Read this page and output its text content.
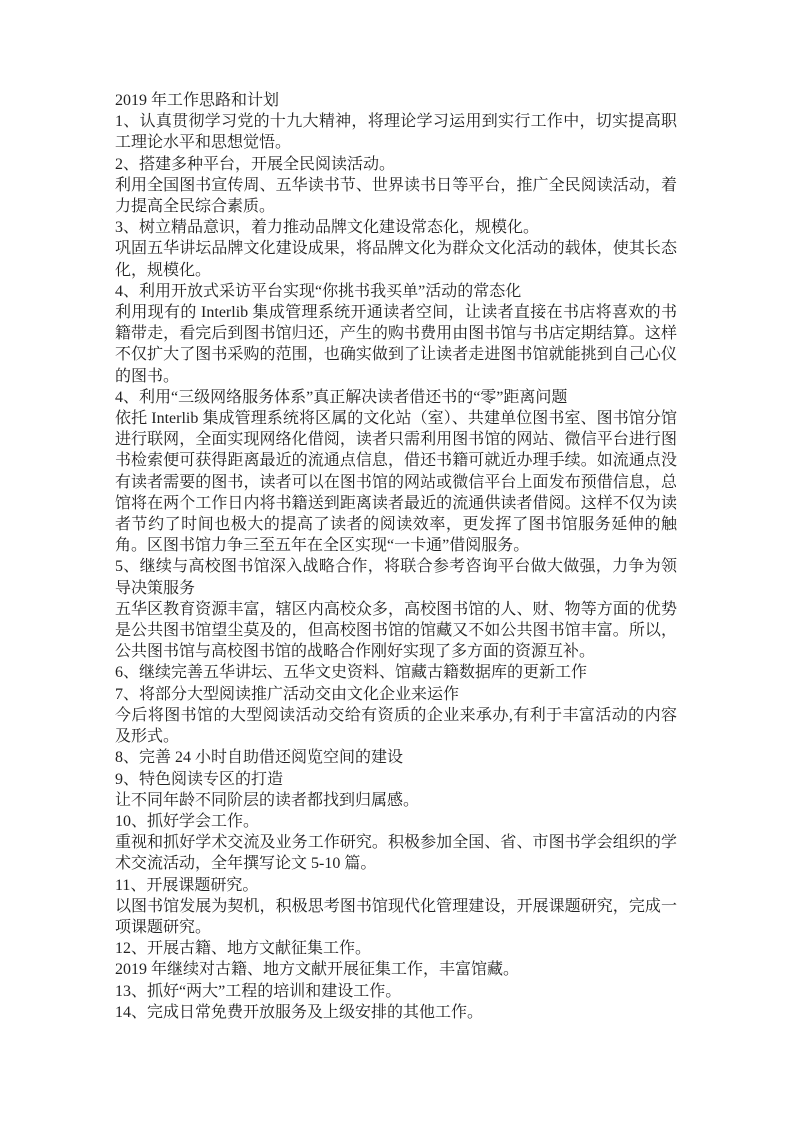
2019 年工作思路和计划

1、认真贯彻学习党的十九大精神，将理论学习运用到实行工作中，切实提高职工理论水平和思想觉悟。

2、搭建多种平台，开展全民阅读活动。

利用全国图书宣传周、五华读书节、世界读书日等平台，推广全民阅读活动，着力提高全民综合素质。

3、树立精品意识，着力推动品牌文化建设常态化，规模化。

巩固五华讲坛品牌文化建设成果，将品牌文化为群众文化活动的载体，使其长态化，规模化。

4、利用开放式采访平台实现“你挑书我买单”活动的常态化

利用现有的 Interlib 集成管理系统开通读者空间，让读者直接在书店将喜欢的书籍带走，看完后到图书馆归还，产生的购书费用由图书馆与书店定期结算。这样不仅扩大了图书采购的范围，也确实做到了让读者走进图书馆就能挑到自己心仪的图书。

4、利用“三级网络服务体系”真正解决读者借还书的“零”距离问题

依托 Interlib 集成管理系统将区属的文化站（室）、共建单位图书室、图书馆分馆进行联网，全面实现网络化借阅，读者只需利用图书馆的网站、微信平台进行图书检索便可获得距离最近的流通点信息，借还书籍可就近办理手续。如流通点没有读者需要的图书，读者可以在图书馆的网站或微信平台上面发布预借信息，总馆将在两个工作日内将书籍送到距离读者最近的流通供读者借阅。这样不仅为读者节约了时间也极大的提高了读者的阅读效率，更发挥了图书馆服务延伸的触角。区图书馆力争三至五年在全区实现“一卡通”借阅服务。

5、继续与高校图书馆深入战略合作，将联合参考咨询平台做大做强，力争为领导决策服务

五华区教育资源丰富，辖区内高校众多，高校图书馆的人、财、物等方面的优势是公共图书馆望尘莫及的，但高校图书馆的馆藏又不如公共图书馆丰富。所以，公共图书馆与高校图书馆的战略合作刚好实现了多方面的资源互补。

6、继续完善五华讲坛、五华文史资料、馆藏古籍数据库的更新工作

7、将部分大型阅读推广活动交由文化企业来运作

今后将图书馆的大型阅读活动交给有资质的企业来承办,有利于丰富活动的内容及形式。

8、完善 24 小时自助借还阅览空间的建设

9、特色阅读专区的打造

让不同年龄不同阶层的读者都找到归属感。

10、抓好学会工作。

重视和抓好学术交流及业务工作研究。积极参加全国、省、市图书学会组织的学术交流活动，全年撰写论文 5-10 篇。

11、开展课题研究。

以图书馆发展为契机，积极思考图书馆现代化管理建设，开展课题研究，完成一项课题研究。

12、开展古籍、地方文献征集工作。

2019 年继续对古籍、地方文献开展征集工作，丰富馆藏。

13、抓好“两大”工程的培训和建设工作。

14、完成日常免费开放服务及上级安排的其他工作。
